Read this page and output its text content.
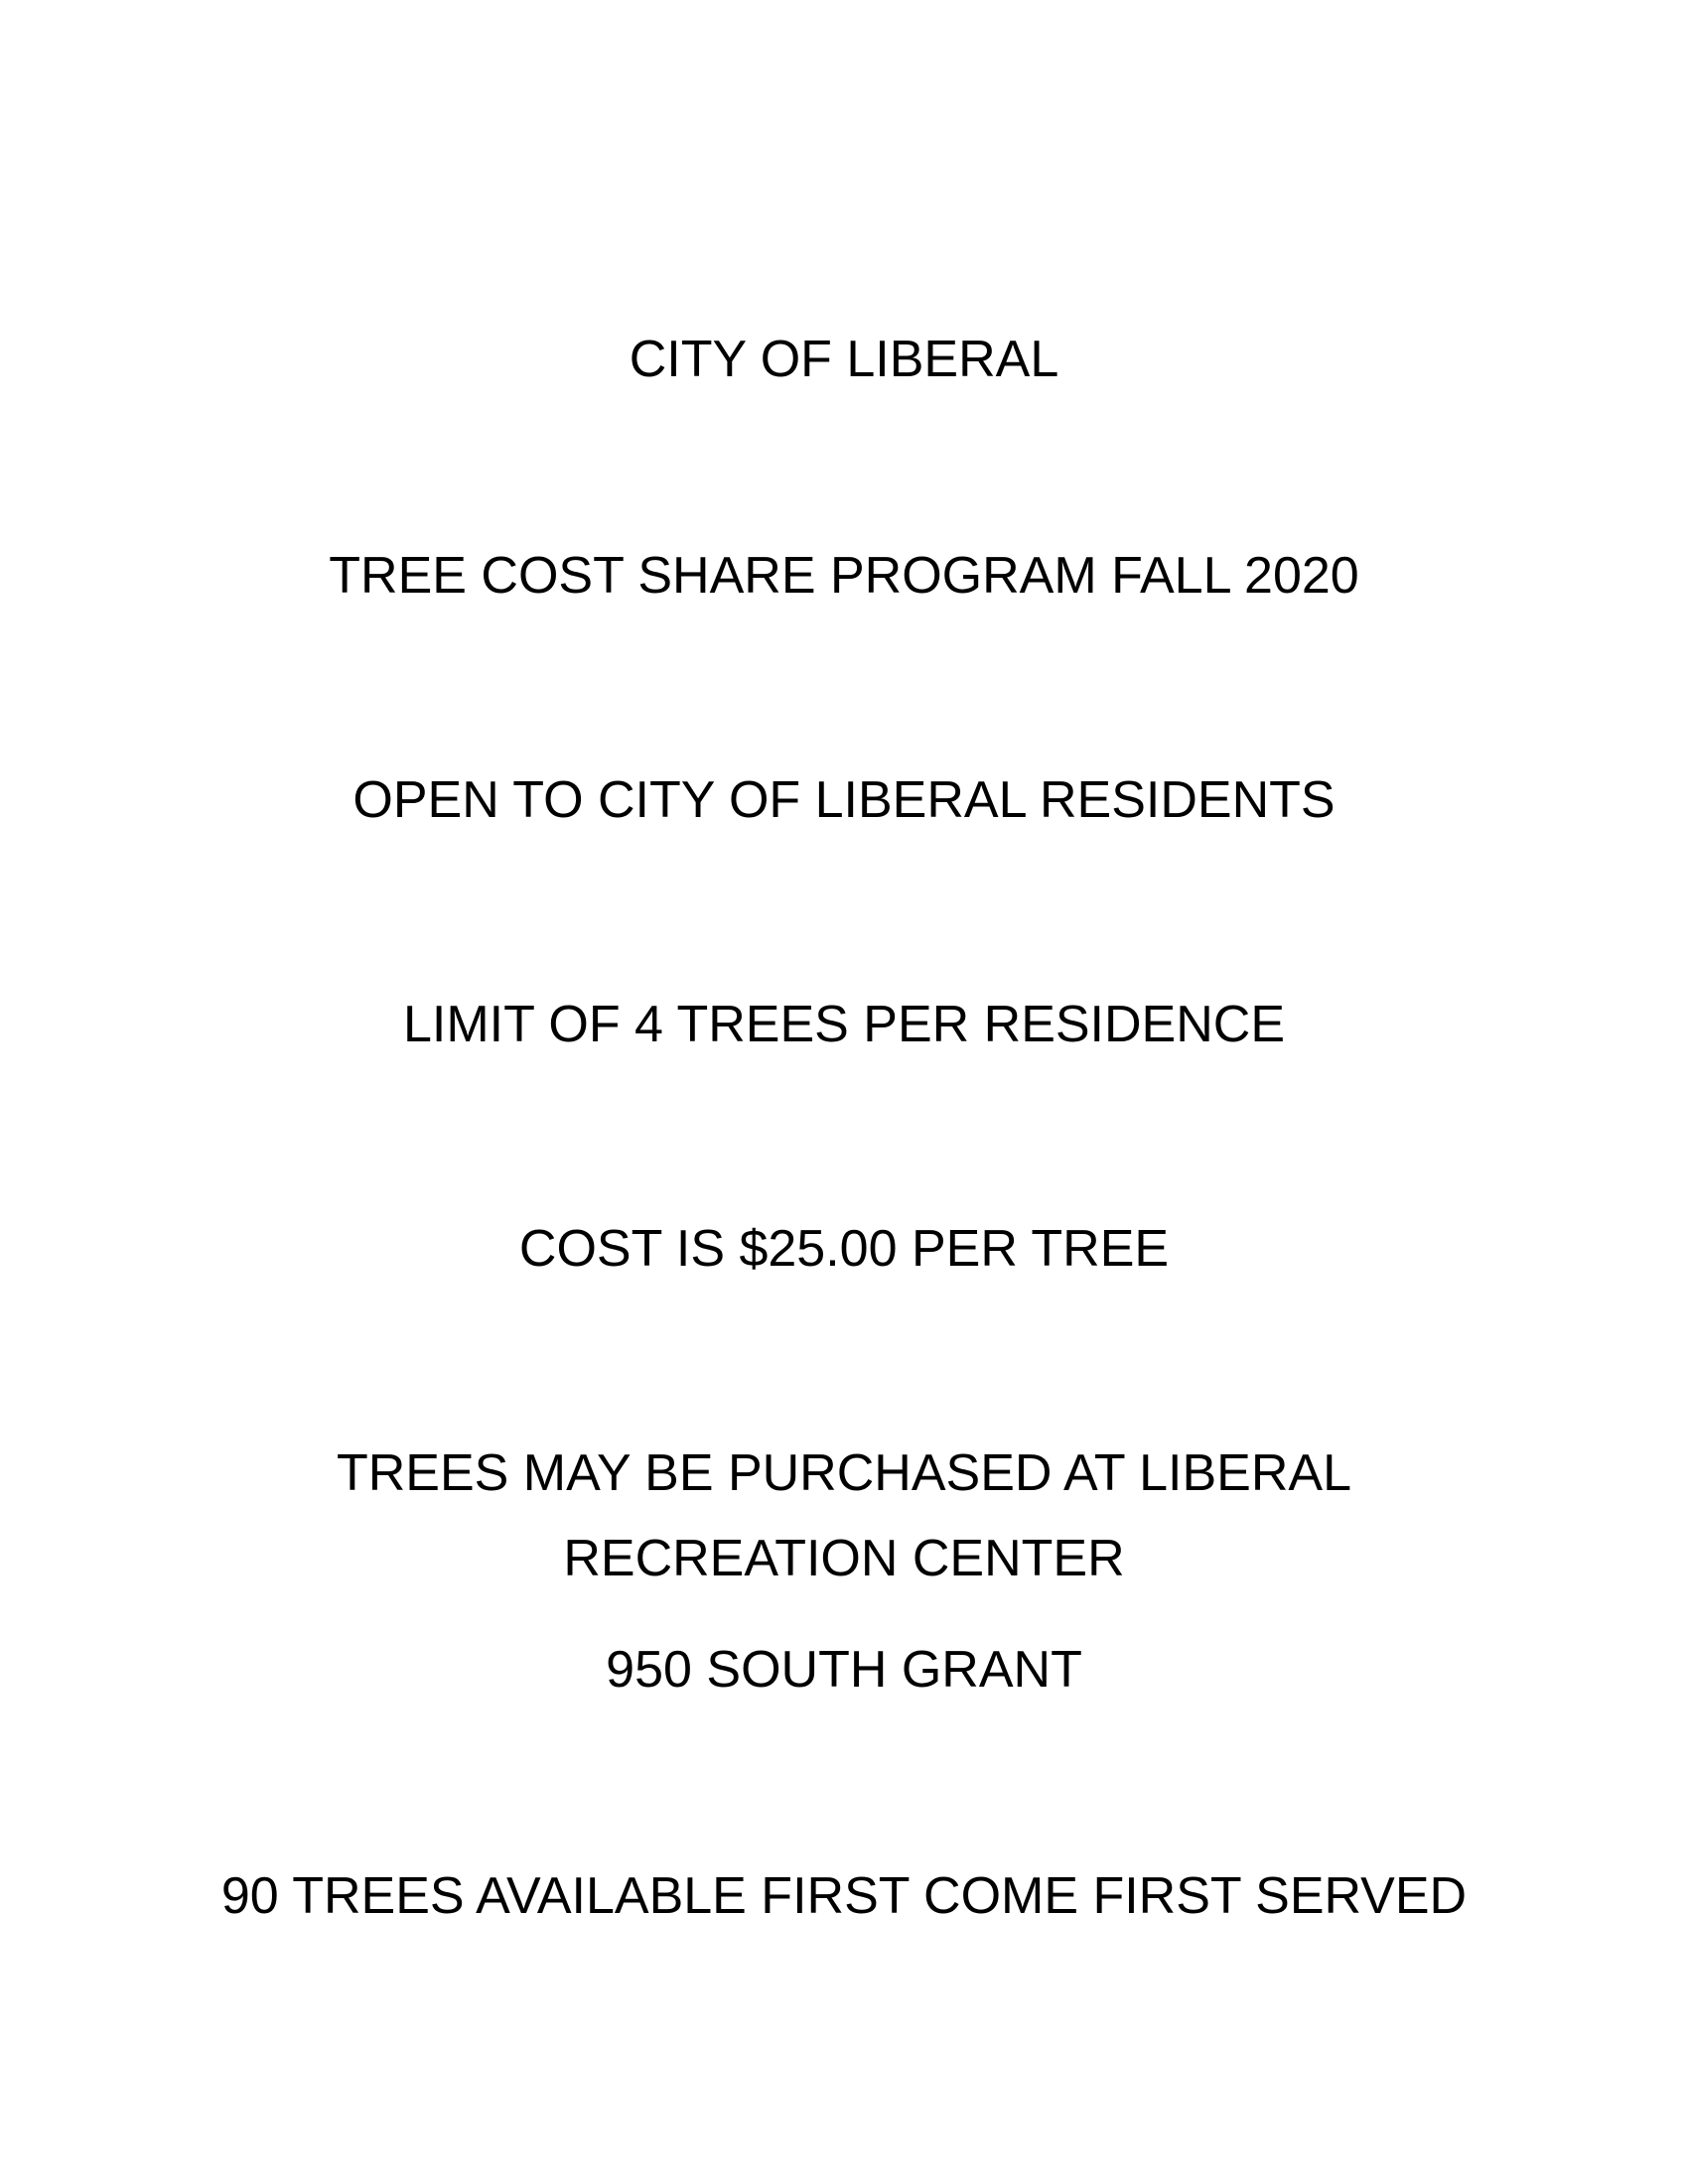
CITY OF LIBERAL
TREE COST SHARE PROGRAM FALL 2020
OPEN TO CITY OF LIBERAL RESIDENTS
LIMIT OF 4 TREES PER RESIDENCE
COST IS $25.00 PER TREE
TREES MAY BE PURCHASED AT LIBERAL
RECREATION CENTER
950 SOUTH GRANT
90 TREES AVAILABLE FIRST COME FIRST SERVED
